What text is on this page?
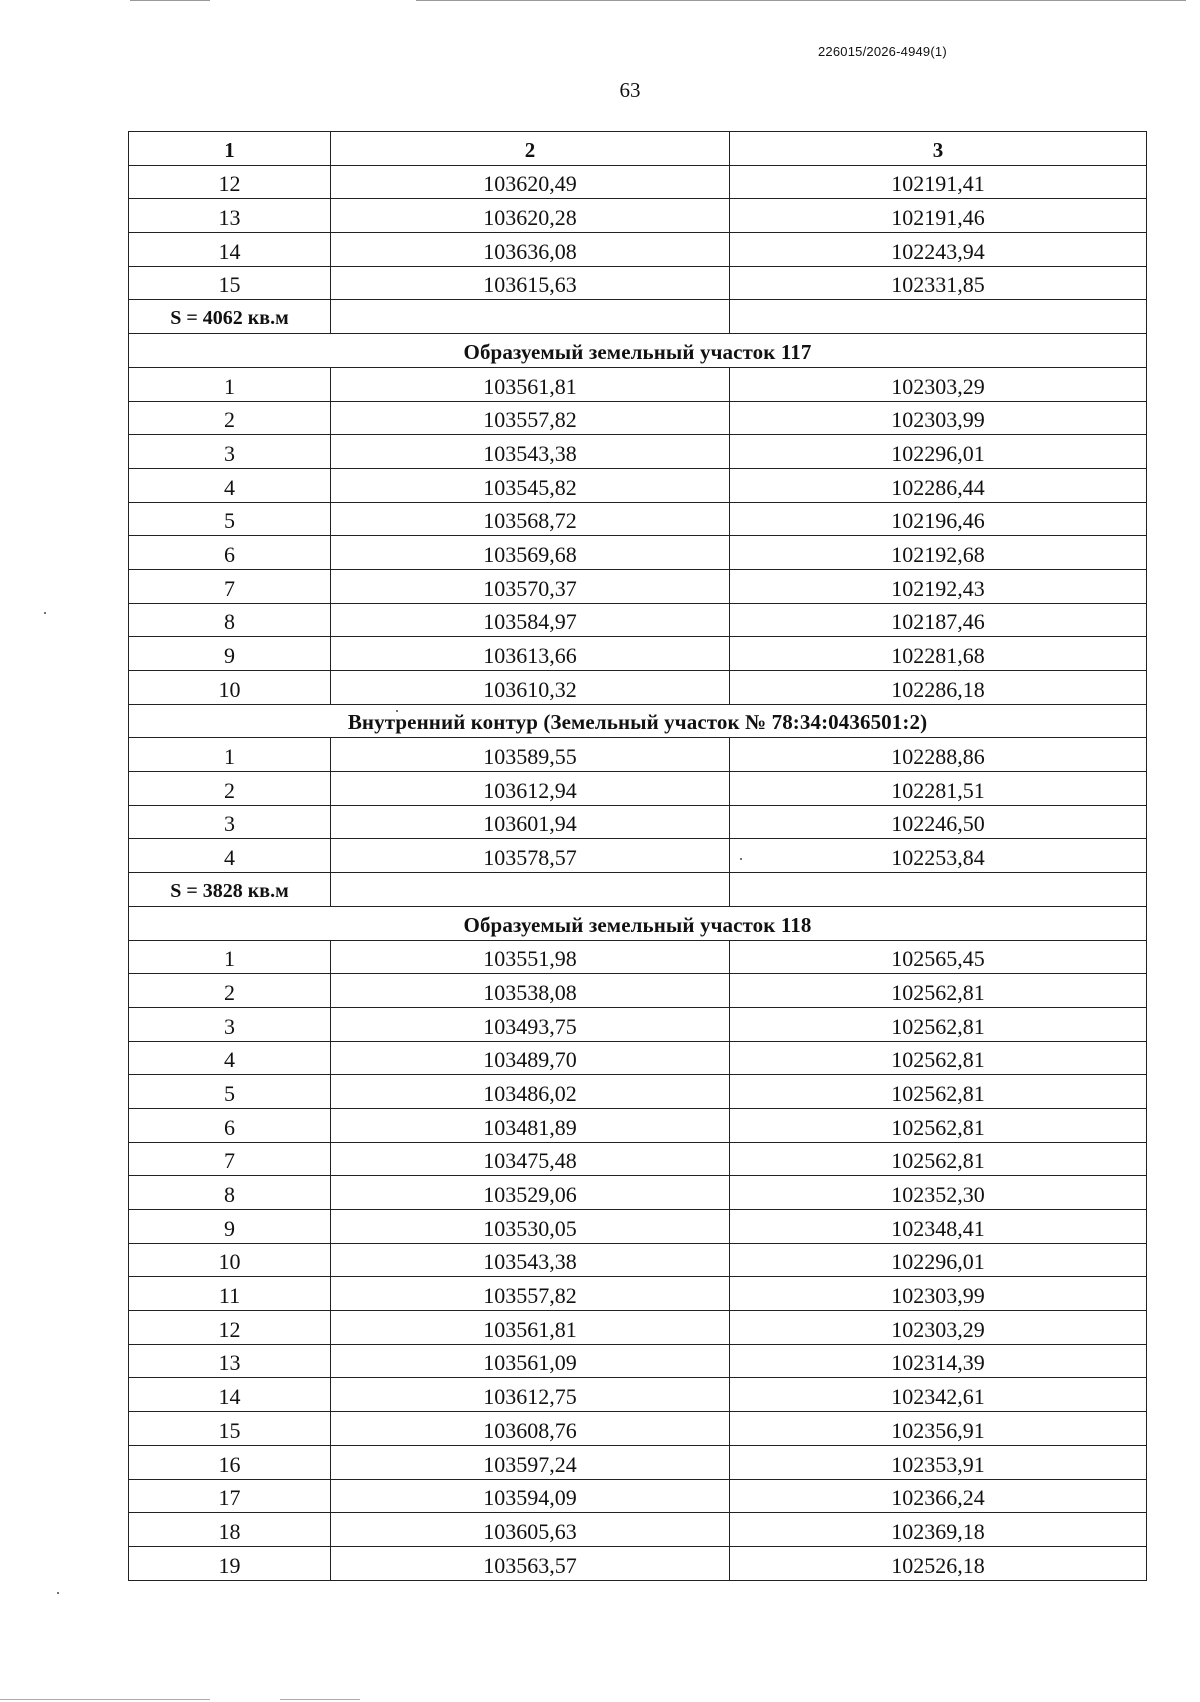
226015/2026-4949(1)
63
1	2	3
12	103620,49	102191,41
13	103620,28	102191,46
14	103636,08	102243,94
15	103615,63	102331,85
S = 4062 кв.м		
Образуемый земельный участок 117		
1	103561,81	102303,29
2	103557,82	102303,99
3	103543,38	102296,01
4	103545,82	102286,44
5	103568,72	102196,46
6	103569,68	102192,68
7	103570,37	102192,43
8	103584,97	102187,46
9	103613,66	102281,68
10	103610,32	102286,18
Внутренний контур (Земельный участок № 78:34:0436501:2)		
1	103589,55	102288,86
2	103612,94	102281,51
3	103601,94	102246,50
4	103578,57	102253,84
S = 3828 кв.м		
Образуемый земельный участок 118		
1	103551,98	102565,45
2	103538,08	102562,81
3	103493,75	102562,81
4	103489,70	102562,81
5	103486,02	102562,81
6	103481,89	102562,81
7	103475,48	102562,81
8	103529,06	102352,30
9	103530,05	102348,41
10	103543,38	102296,01
11	103557,82	102303,99
12	103561,81	102303,29
13	103561,09	102314,39
14	103612,75	102342,61
15	103608,76	102356,91
16	103597,24	102353,91
17	103594,09	102366,24
18	103605,63	102369,18
19	103563,57	102526,18
